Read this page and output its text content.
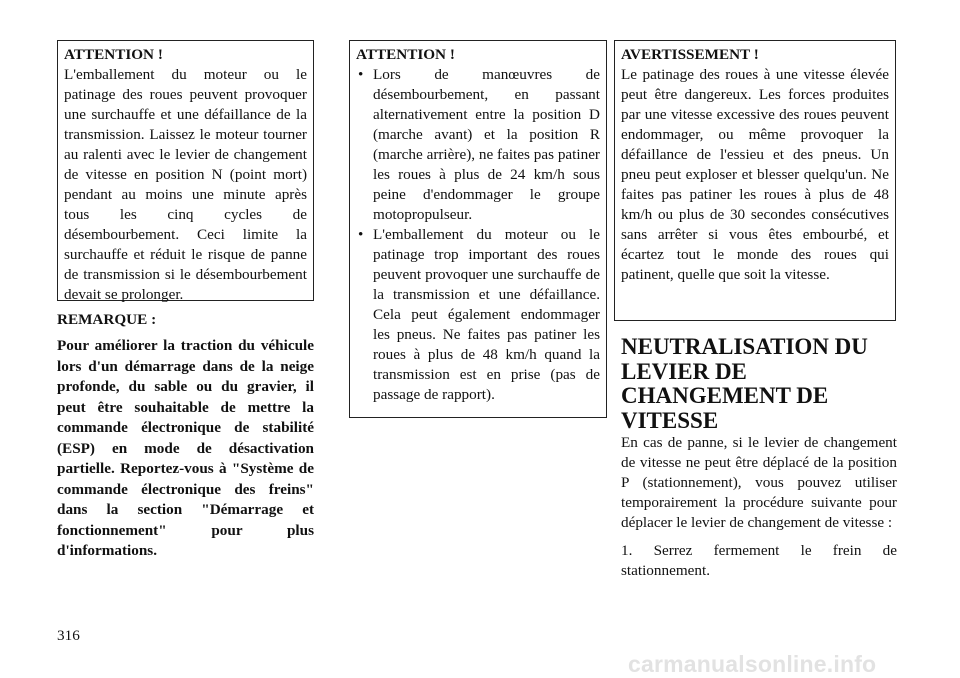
ATTENTION !

L'emballement du moteur ou le patinage des roues peuvent provoquer une surchauffe et une défaillance de la transmission. Laissez le moteur tourner au ralenti avec le levier de changement de vitesse en position N (point mort) pendant au moins une minute après tous les cinq cycles de désembourbement. Ceci limite la surchauffe et réduit le risque de panne de transmission si le désembourbement devait se prolonger.

REMARQUE :
Pour améliorer la traction du véhicule lors d'un démarrage dans de la neige profonde, du sable ou du gravier, il peut être souhaitable de mettre la commande électronique de stabilité (ESP) en mode de désactivation partielle. Reportez-vous à "Système de commande électronique des freins" dans la section "Démarrage et fonctionnement" pour plus d'informations.
ATTENTION !
• Lors de manœuvres de désembourbement, en passant alternativement entre la position D (marche avant) et la position R (marche arrière), ne faites pas patiner les roues à plus de 24 km/h sous peine d'endommager le groupe motopropulseur.
• L'emballement du moteur ou le patinage trop important des roues peuvent provoquer une surchauffe de la transmission et une défaillance. Cela peut également endommager les pneus. Ne faites pas patiner les roues à plus de 48 km/h quand la transmission est en prise (pas de passage de rapport).
AVERTISSEMENT !

Le patinage des roues à une vitesse élevée peut être dangereux. Les forces produites par une vitesse excessive des roues peuvent endommager, ou même provoquer la défaillance de l'essieu et des pneus. Un pneu peut exploser et blesser quelqu'un. Ne faites pas patiner les roues à plus de 48 km/h ou plus de 30 secondes consécutives sans arrêter si vous êtes embourbé, et écartez tout le monde des roues qui patinent, quelle que soit la vitesse.

NEUTRALISATION DU LEVIER DE CHANGEMENT DE VITESSE
En cas de panne, si le levier de changement de vitesse ne peut être déplacé de la position P (stationnement), vous pouvez utiliser temporairement la procédure suivante pour déplacer le levier de changement de vitesse :
1. Serrez fermement le frein de stationnement.
316
carmanualsonline.info
